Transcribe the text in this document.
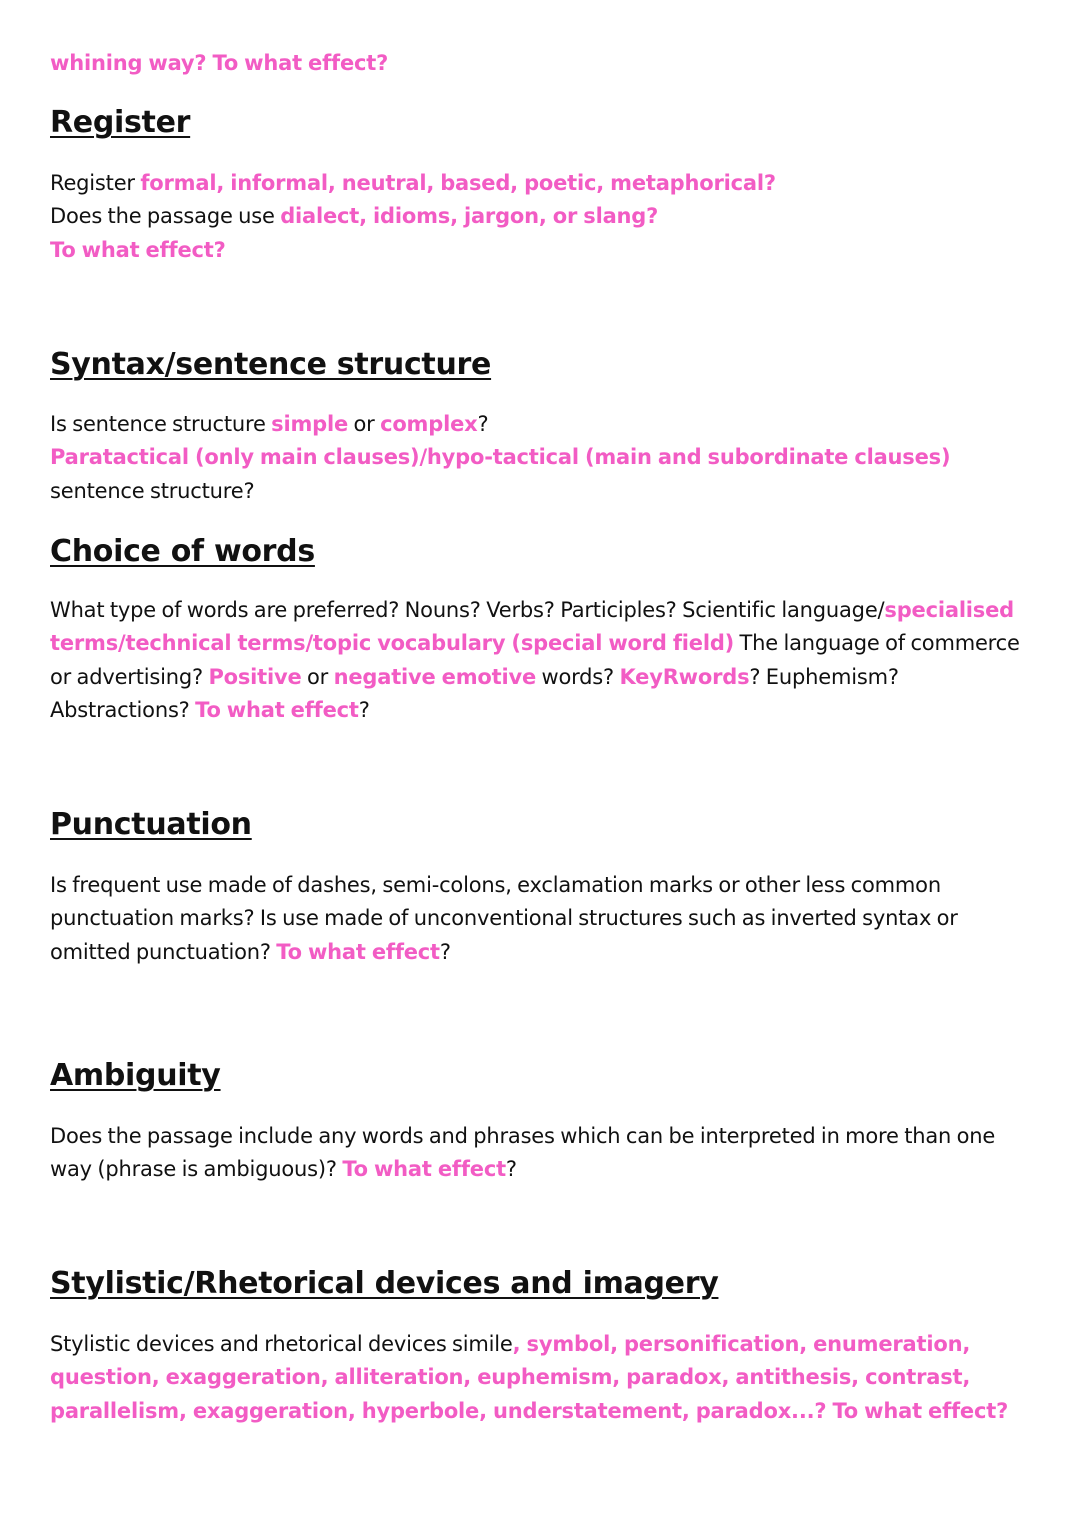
whining way? To what effect?

Register

Register formal, informal, neutral, based, poetic, metaphorical?

Does the passage use dialect, idioms, jargon, or slang?

To what effect?

Syntax/sentence structure

Is sentence structure simple or complex?

Paratactical (only main clauses)/hypo-tactical (main and subordinate clauses) sentence structure?

Choice of words

What type of words are preferred? Nouns? Verbs? Participles? Scientific language/specialised terms/technical terms/topic vocabulary (special word field) The language of commerce or advertising? Positive or negative emotive words? KeyRwords? Euphemism? Abstractions? To what effect?

Punctuation

Is frequent use made of dashes, semi-colons, exclamation marks or other less common punctuation marks? Is use made of unconventional structures such as inverted syntax or omitted punctuation? To what effect?

Ambiguity

Does the passage include any words and phrases which can be interpreted in more than one way (phrase is ambiguous)? To what effect?

Stylistic/Rhetorical devices and imagery

Stylistic devices and rhetorical devices simile, symbol, personification, enumeration, question, exaggeration, alliteration, euphemism, paradox, antithesis, contrast, parallelism, exaggeration, hyperbole, understatement, paradox...? To what effect?
